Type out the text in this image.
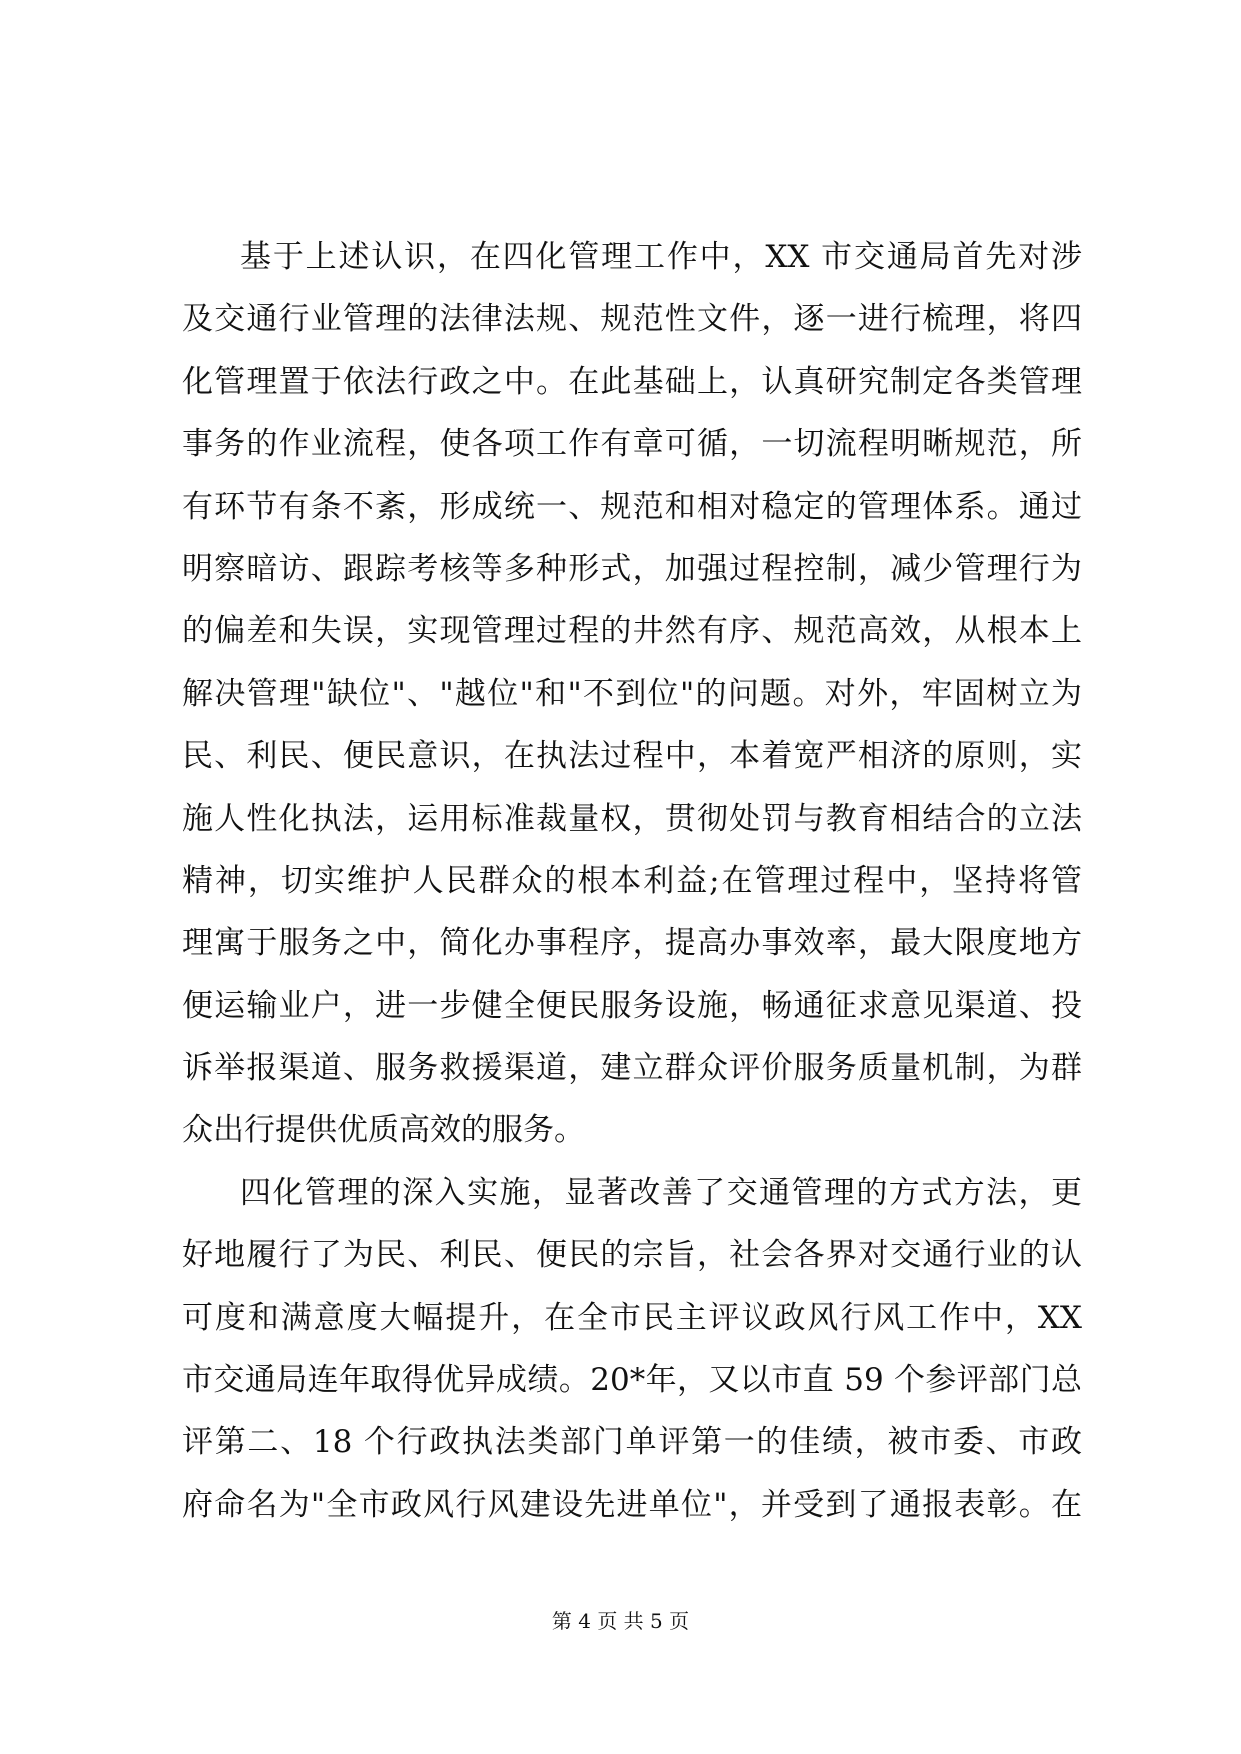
基于上述认识，在四化管理工作中，XX 市交通局首先对涉
及交通行业管理的法律法规、规范性文件，逐一进行梳理，将四
化管理置于依法行政之中。在此基础上，认真研究制定各类管理
事务的作业流程，使各项工作有章可循，一切流程明晰规范，所
有环节有条不紊，形成统一、规范和相对稳定的管理体系。通过
明察暗访、跟踪考核等多种形式，加强过程控制，减少管理行为
的偏差和失误，实现管理过程的井然有序、规范高效，从根本上
解决管理"缺位"、"越位"和"不到位"的问题。对外，牢固树立为
民、利民、便民意识，在执法过程中，本着宽严相济的原则，实
施人性化执法，运用标准裁量权，贯彻处罚与教育相结合的立法
精神，切实维护人民群众的根本利益;在管理过程中，坚持将管
理寓于服务之中，简化办事程序，提高办事效率，最大限度地方
便运输业户，进一步健全便民服务设施，畅通征求意见渠道、投
诉举报渠道、服务救援渠道，建立群众评价服务质量机制，为群
众出行提供优质高效的服务。
四化管理的深入实施，显著改善了交通管理的方式方法，更
好地履行了为民、利民、便民的宗旨，社会各界对交通行业的认
可度和满意度大幅提升，在全市民主评议政风行风工作中，XX
市交通局连年取得优异成绩。20*年，又以市直 59 个参评部门总
评第二、18 个行政执法类部门单评第一的佳绩，被市委、市政
府命名为"全市政风行风建设先进单位"，并受到了通报表彰。在
第 4 页 共 5 页
